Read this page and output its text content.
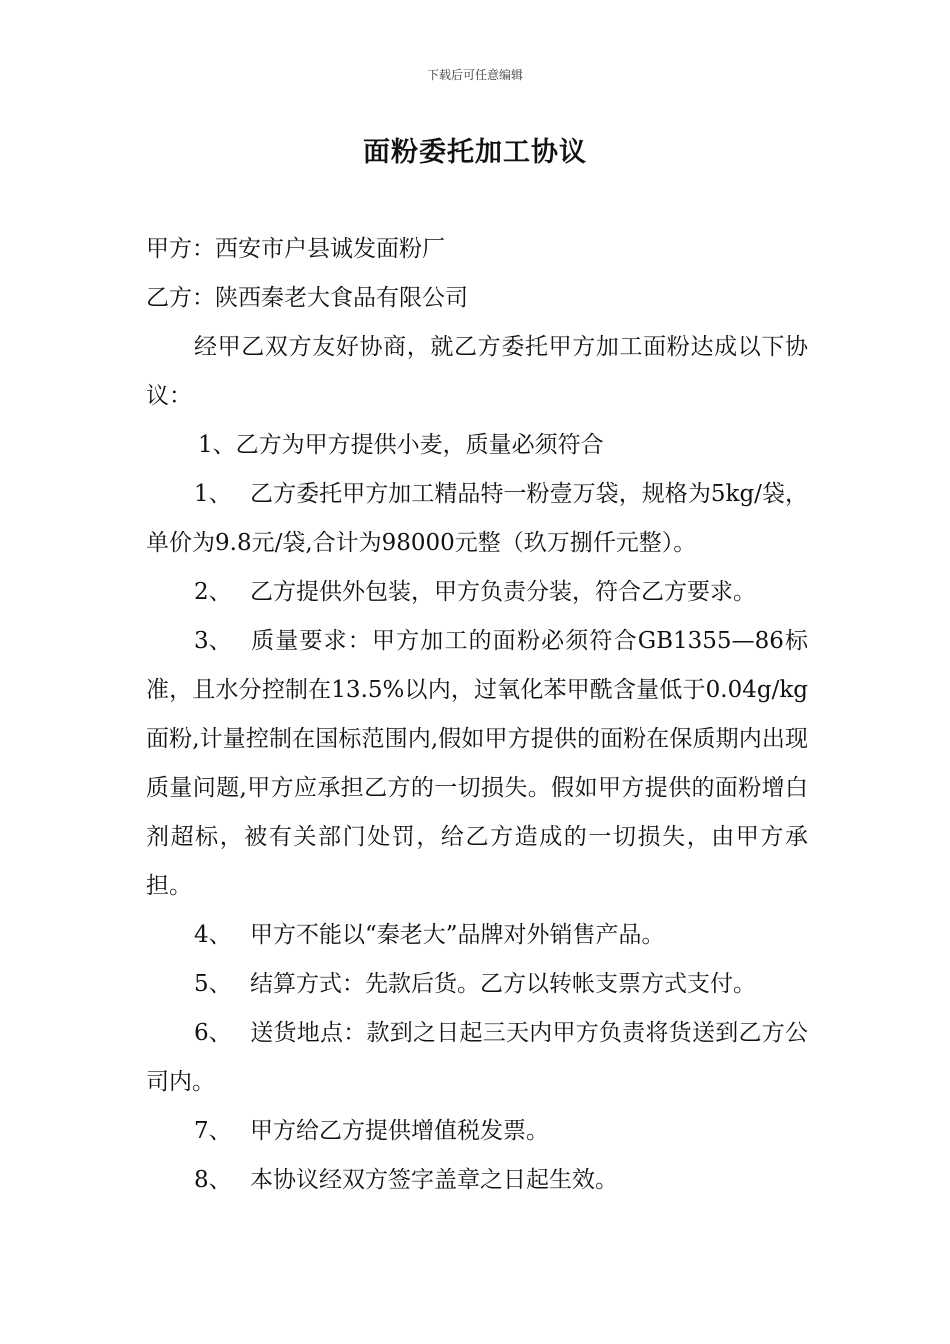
下载后可任意编辑
面粉委托加工协议

甲方：西安市户县诚发面粉厂

乙方：陕西秦老大食品有限公司

经甲乙双方友好协商，就乙方委托甲方加工面粉达成以下协议：

1、乙方为甲方提供小麦，质量必须符合

1、 乙方委托甲方加工精品特一粉壹万袋，规格为5kg/袋，单价为9.8元/袋,合计为98000元整（玖万捌仟元整）。

2、 乙方提供外包装，甲方负责分装，符合乙方要求。

3、 质量要求：甲方加工的面粉必须符合GB1355—86标准，且水分控制在13.5%以内，过氧化苯甲酰含量低于0.04g/kg面粉,计量控制在国标范围内,假如甲方提供的面粉在保质期内出现质量问题,甲方应承担乙方的一切损失。假如甲方提供的面粉增白剂超标，被有关部门处罚，给乙方造成的一切损失，由甲方承担。

4、 甲方不能以“秦老大”品牌对外销售产品。

5、 结算方式：先款后货。乙方以转帐支票方式支付。

6、 送货地点：款到之日起三天内甲方负责将货送到乙方公司内。

7、 甲方给乙方提供增值税发票。

8、 本协议经双方签字盖章之日起生效。
